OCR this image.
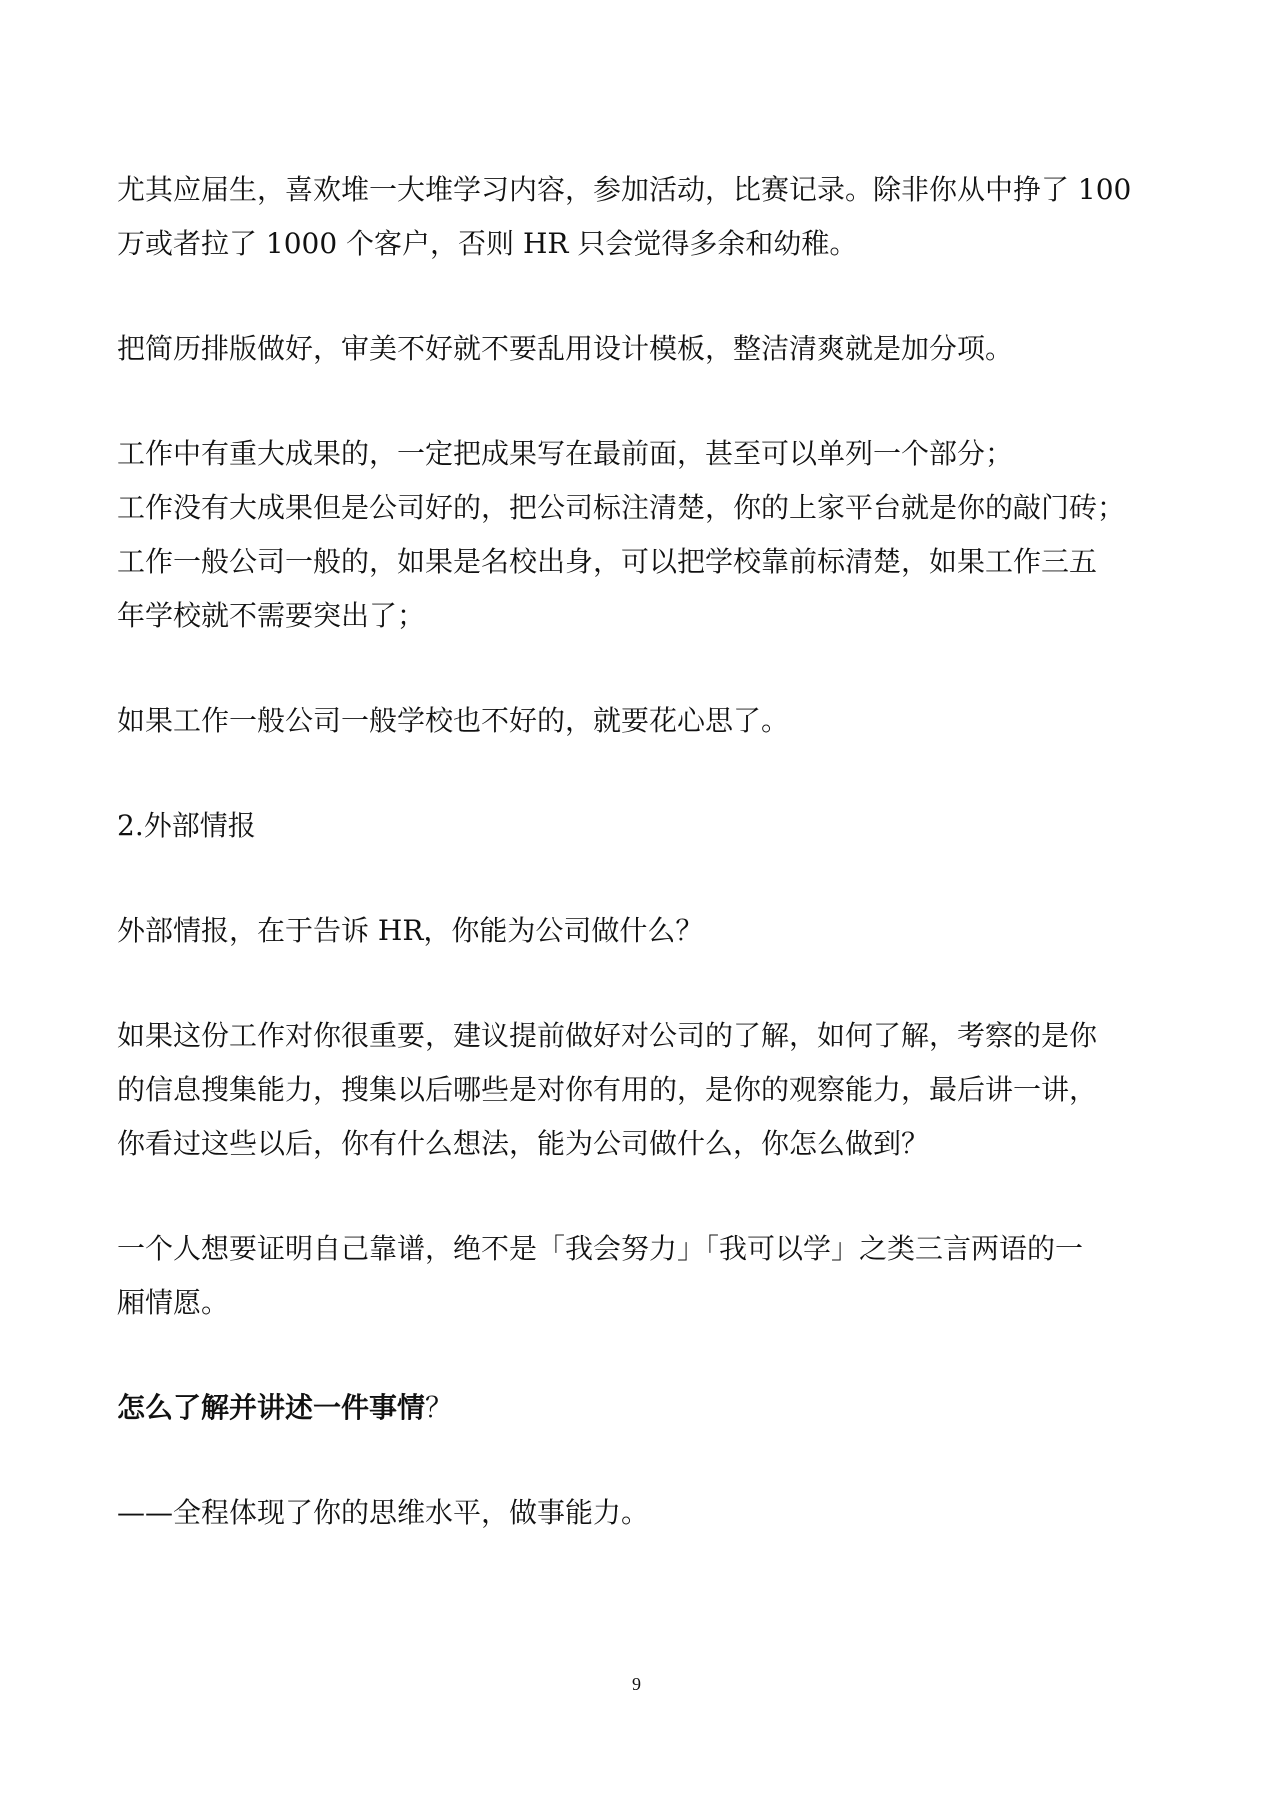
尤其应届生，喜欢堆一大堆学习内容，参加活动，比赛记录。除非你从中挣了 100
万或者拉了 1000 个客户，否则 HR 只会觉得多余和幼稚。

把简历排版做好，审美不好就不要乱用设计模板，整洁清爽就是加分项。

工作中有重大成果的，一定把成果写在最前面，甚至可以单列一个部分；
工作没有大成果但是公司好的，把公司标注清楚，你的上家平台就是你的敲门砖；
工作一般公司一般的，如果是名校出身，可以把学校靠前标清楚，如果工作三五
年学校就不需要突出了；

如果工作一般公司一般学校也不好的，就要花心思了。

2.外部情报

外部情报，在于告诉 HR，你能为公司做什么？

如果这份工作对你很重要，建议提前做好对公司的了解，如何了解，考察的是你
的信息搜集能力，搜集以后哪些是对你有用的，是你的观察能力，最后讲一讲，
你看过这些以后，你有什么想法，能为公司做什么，你怎么做到？

一个人想要证明自己靠谱，绝不是「我会努力」「我可以学」之类三言两语的一
厢情愿。

怎么了解并讲述一件事情？

——全程体现了你的思维水平，做事能力。

9
